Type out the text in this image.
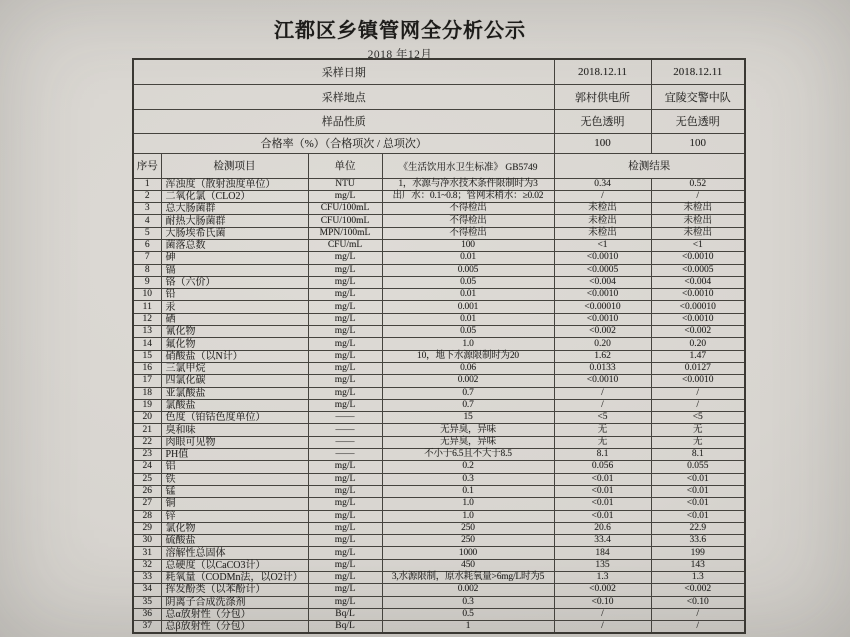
江都区乡镇管网全分析公示
2018 年12月
采样日期				2018.12.11	2018.12.11
采样地点				郭村供电所	宜陵交警中队
样品性质				无色透明	无色透明
合格率（%）（合格项次 / 总项次）				100	100
序号	检测项目	单位	《生活饮用水卫生标准》 GB5749	检测结果	
1	浑浊度（散射浊度单位）	NTU	1，水源与净水技术条件限制时为3	0.34	0.52
2	二氧化氯（CLO2）	mg/L	出厂水：0.1~0.8；管网末稍水：≥0.02	/	/
3	总大肠菌群	CFU/100mL	不得检出	未检出	未检出
4	耐热大肠菌群	CFU/100mL	不得检出	未检出	未检出
5	大肠埃希氏菌	MPN/100mL	不得检出	未检出	未检出
6	菌落总数	CFU/mL	100	<1	<1
7	砷	mg/L	0.01	<0.0010	<0.0010
8	镉	mg/L	0.005	<0.0005	<0.0005
9	铬（六价）	mg/L	0.05	<0.004	<0.004
10	铅	mg/L	0.01	<0.0010	<0.0010
11	汞	mg/L	0.001	<0.00010	<0.00010
12	硒	mg/L	0.01	<0.0010	<0.0010
13	氰化物	mg/L	0.05	<0.002	<0.002
14	氟化物	mg/L	1.0	0.20	0.20
15	硝酸盐（以N计）	mg/L	10，地下水源限制时为20	1.62	1.47
16	三氯甲烷	mg/L	0.06	0.0133	0.0127
17	四氯化碳	mg/L	0.002	<0.0010	<0.0010
18	亚氯酸盐	mg/L	0.7	/	/
19	氯酸盐	mg/L	0.7	/	/
20	色度（铂钴色度单位）	——	15	<5	<5
21	臭和味	——	无异臭，异味	无	无
22	肉眼可见物	——	无异臭，异味	无	无
23	PH值	——	不小于6.5且不大于8.5	8.1	8.1
24	铝	mg/L	0.2	0.056	0.055
25	铁	mg/L	0.3	<0.01	<0.01
26	锰	mg/L	0.1	<0.01	<0.01
27	铜	mg/L	1.0	<0.01	<0.01
28	锌	mg/L	1.0	<0.01	<0.01
29	氯化物	mg/L	250	20.6	22.9
30	硫酸盐	mg/L	250	33.4	33.6
31	溶解性总固体	mg/L	1000	184	199
32	总硬度（以CaCO3计）	mg/L	450	135	143
33	耗氧量（CODMn法，以O2计）	mg/L	3,水源限制，原水耗氧量>6mg/L时为5	1.3	1.3
34	挥发酚类（以苯酚计）	mg/L	0.002	<0.002	<0.002
35	阴离子合成洗涤剂	mg/L	0.3	<0.10	<0.10
36	总α放射性（分包）	Bq/L	0.5	/	/
37	总β放射性（分包）	Bq/L	1	/	/
